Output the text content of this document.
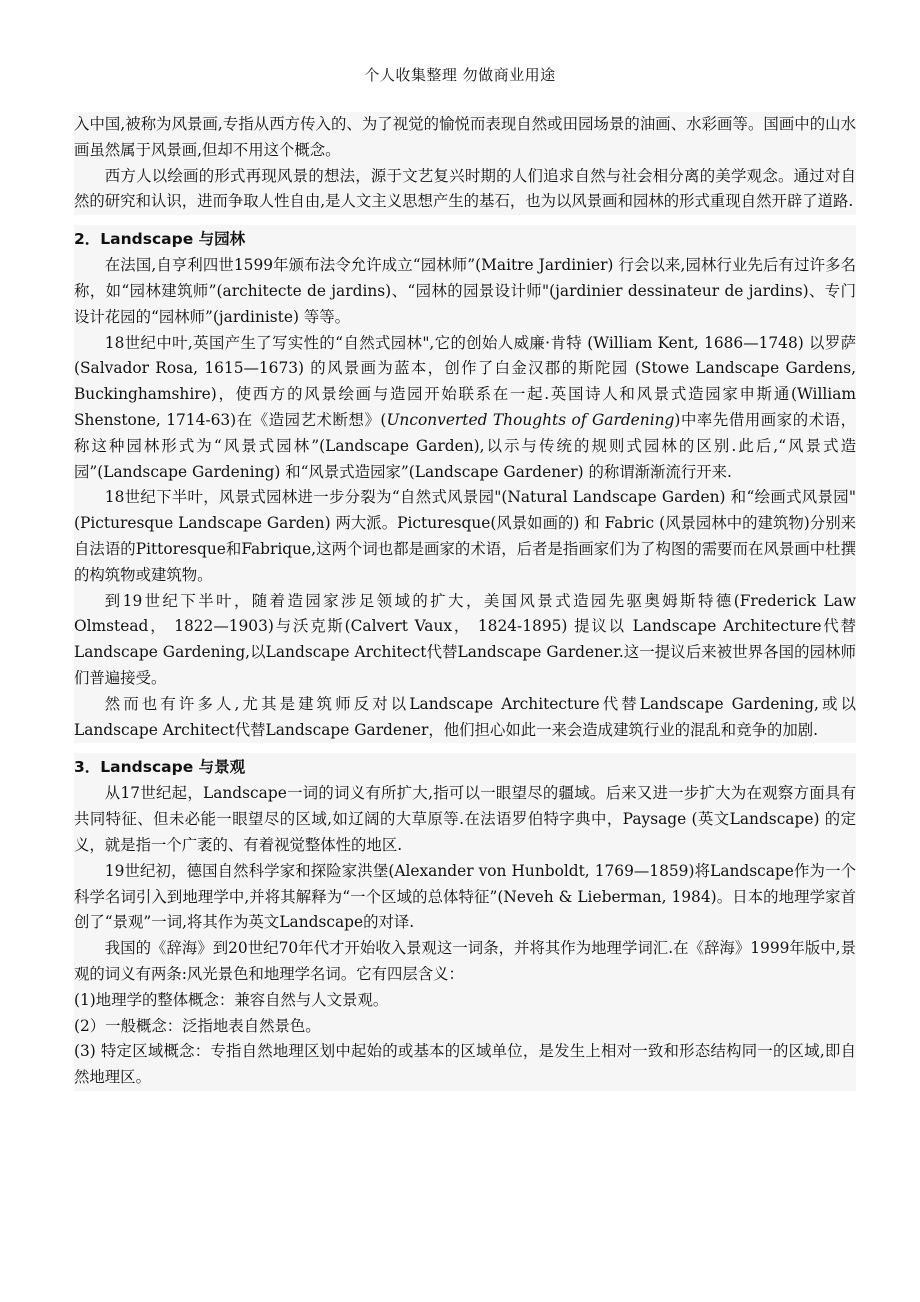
个人收集整理 勿做商业用途

入中国,被称为风景画,专指从西方传入的、为了视觉的愉悦而表现自然或田园场景的油画、水彩画等。国画中的山水画虽然属于风景画,但却不用这个概念。

西方人以绘画的形式再现风景的想法，源于文艺复兴时期的人们追求自然与社会相分离的美学观念。通过对自然的研究和认识，进而争取人性自由,是人文主义思想产生的基石，也为以风景画和园林的形式重现自然开辟了道路.

2．Landscape 与园林

在法国,自亨利四世1599年颁布法令允许成立“园林师”(Maitre Jardinier) 行会以来,园林行业先后有过许多名称，如“园林建筑师”(architecte de jardins)、“园林的园景设计师"(jardinier dessinateur de jardins)、专门设计花园的“园林师”(jardiniste) 等等。

18世纪中叶,英国产生了写实性的“自然式园林",它的创始人威廉·肯特 (William Kent, 1686—1748) 以罗萨 (Salvador Rosa, 1615—1673) 的风景画为蓝本，创作了白金汉郡的斯陀园 (Stowe Landscape Gardens, Buckinghamshire)，使西方的风景绘画与造园开始联系在一起.英国诗人和风景式造园家申斯通(William Shenstone, 1714-63)在《造园艺术断想》(Unconverted Thoughts of Gardening)中率先借用画家的术语，称这种园林形式为“风景式园林”(Landscape Garden),以示与传统的规则式园林的区别.此后,“风景式造园”(Landscape Gardening) 和“风景式造园家”(Landscape Gardener) 的称谓渐渐流行开来.

18世纪下半叶，风景式园林进一步分裂为“自然式风景园"(Natural Landscape Garden) 和“绘画式风景园"(Picturesque Landscape Garden) 两大派。Picturesque(风景如画的) 和 Fabric (风景园林中的建筑物)分别来自法语的Pittoresque和Fabrique,这两个词也都是画家的术语，后者是指画家们为了构图的需要而在风景画中杜撰的构筑物或建筑物。

到19世纪下半叶，随着造园家涉足领域的扩大，美国风景式造园先驱奥姆斯特德(Frederick Law Olmstead， 1822—1903)与沃克斯(Calvert Vaux， 1824-1895) 提议以 Landscape Architecture代替Landscape Gardening,以Landscape Architect代替Landscape Gardener.这一提议后来被世界各国的园林师们普遍接受。

然而也有许多人,尤其是建筑师反对以Landscape Architecture代替Landscape Gardening,或以Landscape Architect代替Landscape Gardener，他们担心如此一来会造成建筑行业的混乱和竞争的加剧.

3．Landscape 与景观

从17世纪起，Landscape一词的词义有所扩大,指可以一眼望尽的疆域。后来又进一步扩大为在观察方面具有共同特征、但未必能一眼望尽的区域,如辽阔的大草原等.在法语罗伯特字典中，Paysage (英文Landscape) 的定义，就是指一个广袤的、有着视觉整体性的地区.

19世纪初，德国自然科学家和探险家洪堡(Alexander von Hunboldt, 1769—1859)将Landscape作为一个科学名词引入到地理学中,并将其解释为“一个区域的总体特征”(Neveh & Lieberman, 1984)。日本的地理学家首创了“景观”一词,将其作为英文Landscape的对译.

我国的《辞海》到20世纪70年代才开始收入景观这一词条，并将其作为地理学词汇.在《辞海》1999年版中,景观的词义有两条:风光景色和地理学名词。它有四层含义：

(1)地理学的整体概念：兼容自然与人文景观。

(2）一般概念：泛指地表自然景色。

(3) 特定区域概念：专指自然地理区划中起始的或基本的区域单位，是发生上相对一致和形态结构同一的区域,即自然地理区。
